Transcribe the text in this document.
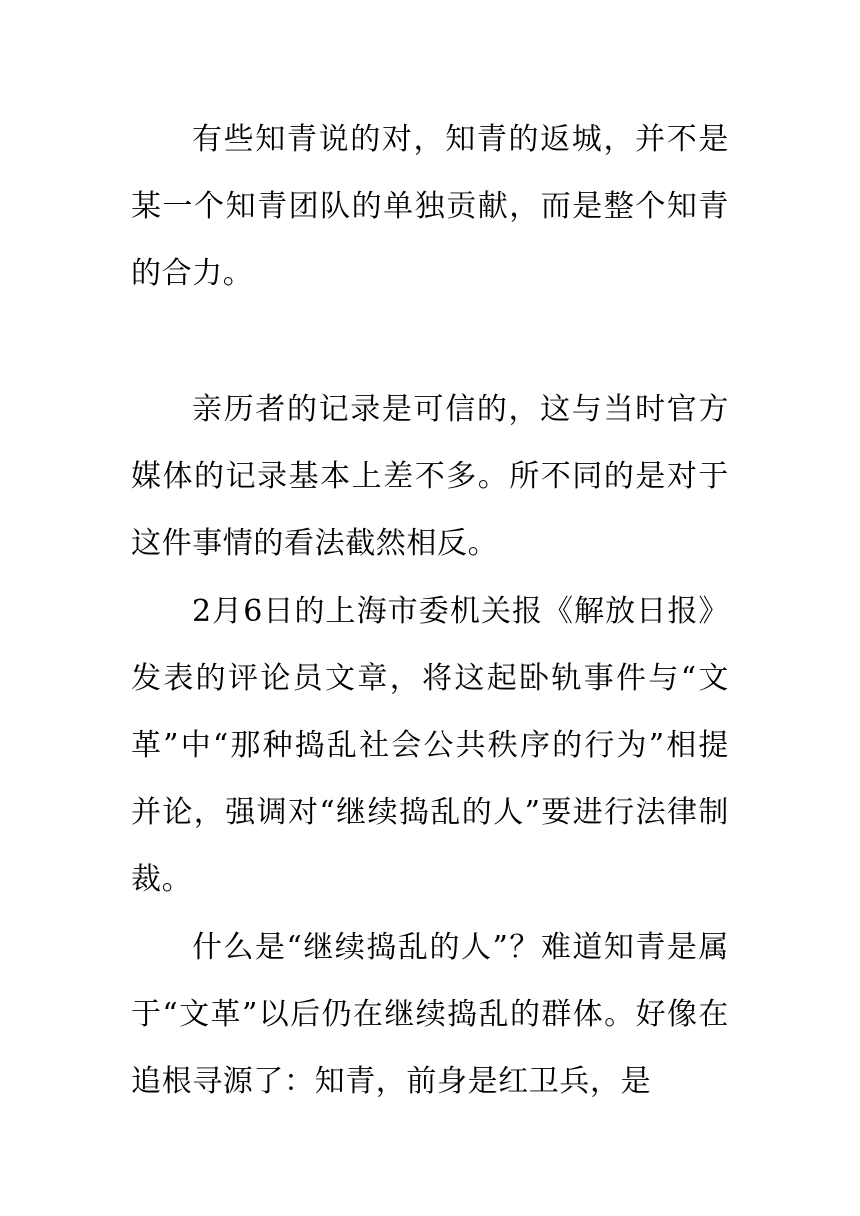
有些知青说的对，知青的返城，并不是某一个知青团队的单独贡献，而是整个知青的合力。

亲历者的记录是可信的，这与当时官方媒体的记录基本上差不多。所不同的是对于这件事情的看法截然相反。

2月6日的上海市委机关报《解放日报》发表的评论员文章，将这起卧轨事件与“文革”中“那种捣乱社会公共秩序的行为”相提并论，强调对“继续捣乱的人”要进行法律制裁。

什么是“继续捣乱的人”？难道知青是属于“文革”以后仍在继续捣乱的群体。好像在追根寻源了：知青，前身是红卫兵，是
